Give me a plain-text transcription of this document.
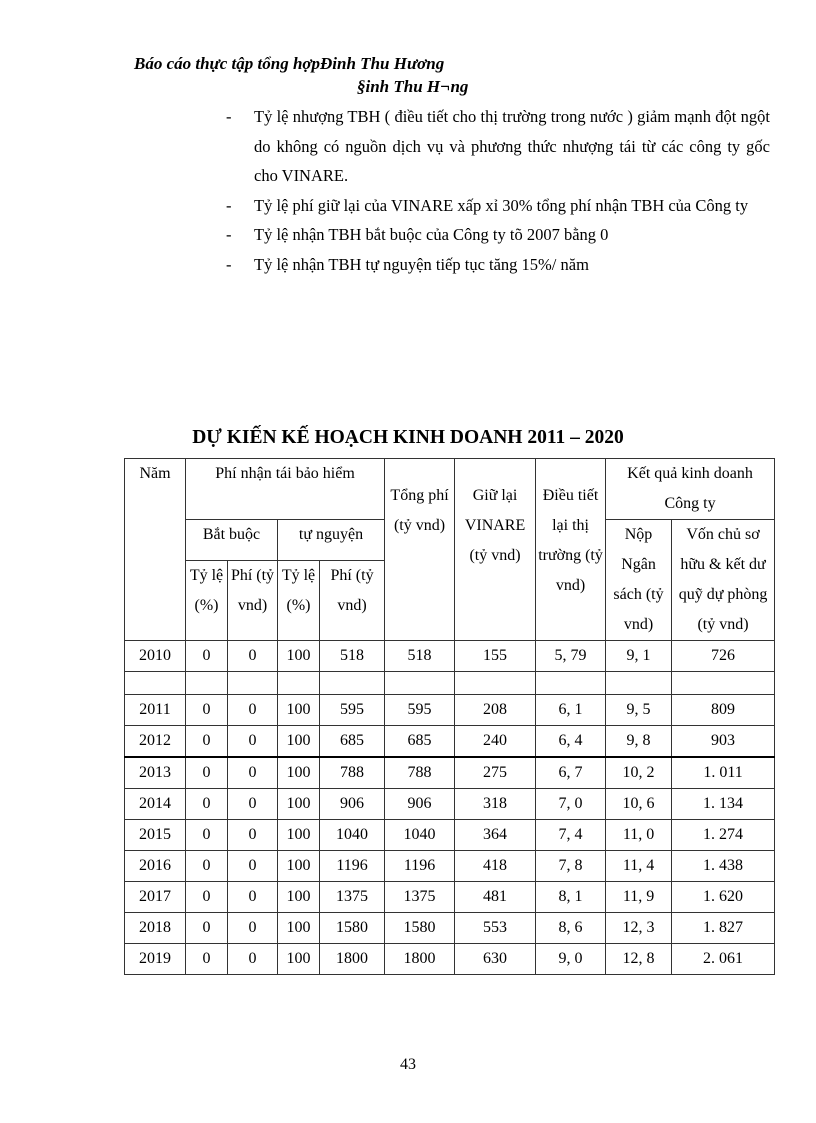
Báo cáo thực tập tổng hợpĐinh Thu Hương
§inh Thu H¬ng
- Tỷ lệ nhượng TBH ( điều tiết cho thị trường trong nước ) giảm mạnh đột ngột do không có nguồn dịch vụ và phương thức nhượng tái từ các công ty gốc cho VINARE.
- Tỷ lệ phí giữ lại của VINARE xấp xỉ 30% tổng phí nhận TBH của Công ty
- Tỷ lệ nhận TBH bắt buộc của Công ty tõ 2007 bằng 0
- Tỷ lệ nhận TBH tự nguyện tiếp tục tăng 15%/ năm
DỰ KIẾN KẾ HOẠCH KINH DOANH 2011 – 2020
Năm	Phí nhận tái bảo hiểm				Tổng phí (tỷ vnd)	Giữ lại VINARE (tỷ vnd)	Điều tiết lại thị trường (tỷ vnd)	Kết quả kinh doanh Công ty	
	Bắt buộc		tự nguyện					Nộp Ngân sách (tỷ vnd)	Vốn chủ sơ hữu & kết dư quỹ dự phòng (tỷ vnd)
	Tỷ lệ (%)	Phí (tỷ vnd)	Tỷ lệ (%)	Phí (tỷ vnd)					
2010	0	0	100	518	518	155	5, 79	9, 1	726

2011	0	0	100	595	595	208	6, 1	9, 5	809
2012	0	0	100	685	685	240	6, 4	9, 8	903
2013	0	0	100	788	788	275	6, 7	10, 2	1. 011
2014	0	0	100	906	906	318	7, 0	10, 6	1. 134
2015	0	0	100	1040	1040	364	7, 4	11, 0	1. 274
2016	0	0	100	1196	1196	418	7, 8	11, 4	1. 438
2017	0	0	100	1375	1375	481	8, 1	11, 9	1. 620
2018	0	0	100	1580	1580	553	8, 6	12, 3	1. 827
2019	0	0	100	1800	1800	630	9, 0	12, 8	2. 061
43
